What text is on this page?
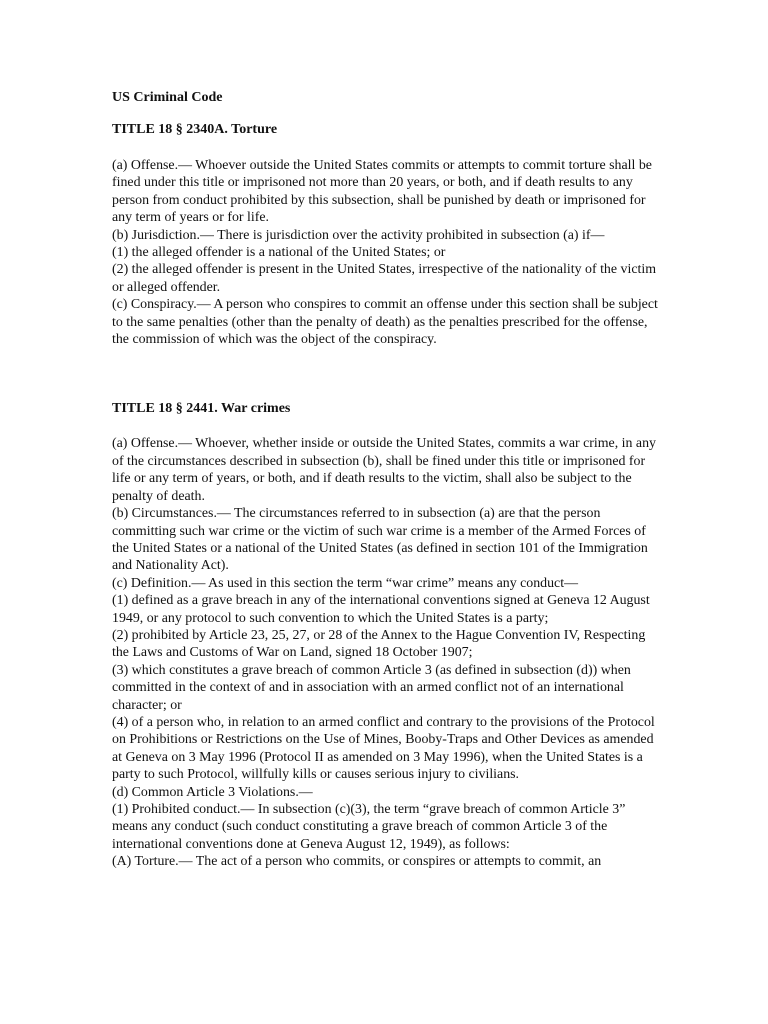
US Criminal Code
TITLE 18 § 2340A. Torture

(a) Offense.— Whoever outside the United States commits or attempts to commit torture shall be fined under this title or imprisoned not more than 20 years, or both, and if death results to any person from conduct prohibited by this subsection, shall be punished by death or imprisoned for any term of years or for life.

(b) Jurisdiction.— There is jurisdiction over the activity prohibited in subsection (a) if—

(1) the alleged offender is a national of the United States; or

(2) the alleged offender is present in the United States, irrespective of the nationality of the victim or alleged offender.

(c) Conspiracy.— A person who conspires to commit an offense under this section shall be subject to the same penalties (other than the penalty of death) as the penalties prescribed for the offense, the commission of which was the object of the conspiracy.

TITLE 18 § 2441. War crimes

(a) Offense.— Whoever, whether inside or outside the United States, commits a war crime, in any of the circumstances described in subsection (b), shall be fined under this title or imprisoned for life or any term of years, or both, and if death results to the victim, shall also be subject to the penalty of death.

(b) Circumstances.— The circumstances referred to in subsection (a) are that the person committing such war crime or the victim of such war crime is a member of the Armed Forces of the United States or a national of the United States (as defined in section 101 of the Immigration and Nationality Act).

(c) Definition.— As used in this section the term “war crime” means any conduct—

(1) defined as a grave breach in any of the international conventions signed at Geneva 12 August 1949, or any protocol to such convention to which the United States is a party;

(2) prohibited by Article 23, 25, 27, or 28 of the Annex to the Hague Convention IV, Respecting the Laws and Customs of War on Land, signed 18 October 1907;

(3) which constitutes a grave breach of common Article 3 (as defined in subsection (d)) when committed in the context of and in association with an armed conflict not of an international character; or

(4) of a person who, in relation to an armed conflict and contrary to the provisions of the Protocol on Prohibitions or Restrictions on the Use of Mines, Booby-Traps and Other Devices as amended at Geneva on 3 May 1996 (Protocol II as amended on 3 May 1996), when the United States is a party to such Protocol, willfully kills or causes serious injury to civilians.

(d) Common Article 3 Violations.—

(1) Prohibited conduct.— In subsection (c)(3), the term “grave breach of common Article 3” means any conduct (such conduct constituting a grave breach of common Article 3 of the international conventions done at Geneva August 12, 1949), as follows:

(A) Torture.— The act of a person who commits, or conspires or attempts to commit, an
